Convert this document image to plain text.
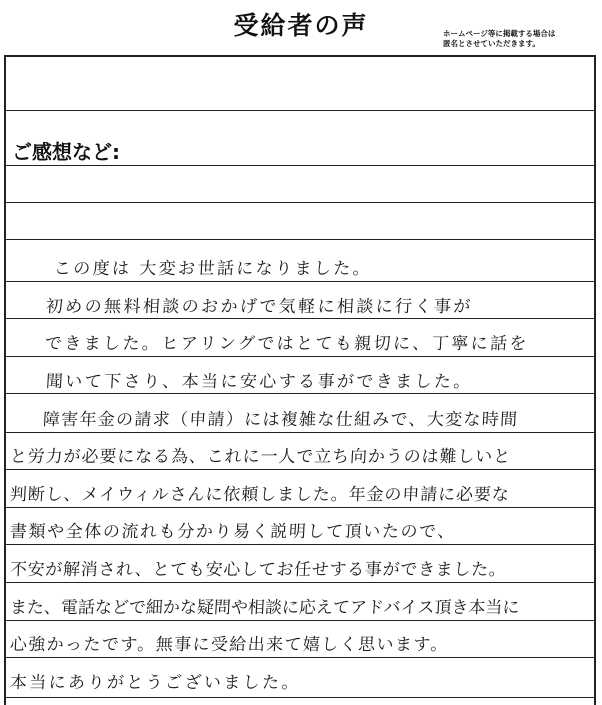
受給者の声	ホームページ等に掲載する場合は
匿名とさせていただきます。
ご感想など:
この度は 大変お世話になりました。
初めの無料相談のおかげで気軽に相談に行く事が
できました。ヒアリングではとても親切に、丁寧に話を
聞いて下さり、本当に安心する事ができました。
障害年金の請求（申請）には複雑な仕組みで、大変な時間
と労力が必要になる為、これに一人で立ち向かうのは難しいと
判断し、メイウィルさんに依頼しました。年金の申請に必要な
書類や全体の流れも分かり易く説明して頂いたので、
不安が解消され、とても安心してお任せする事ができました。
また、電話などで細かな疑問や相談に応えてアドバイス頂き本当に
心強かったです。無事に受給出来て嬉しく思います。
本当にありがとうございました。
